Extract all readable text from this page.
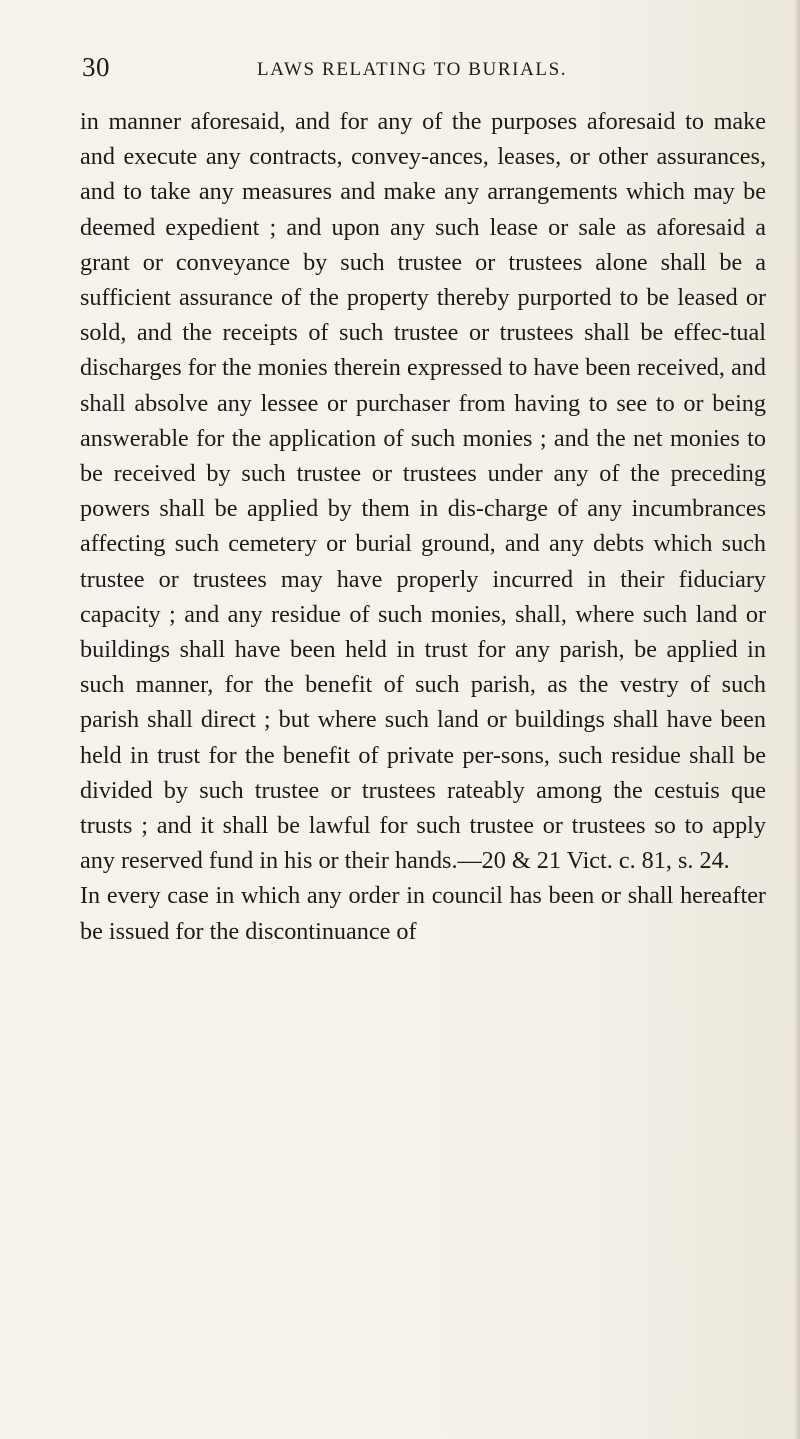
30	LAWS RELATING TO BURIALS.

in manner aforesaid, and for any of the purposes aforesaid to make and execute any contracts, convey-ances, leases, or other assurances, and to take any measures and make any arrangements which may be deemed expedient ; and upon any such lease or sale as aforesaid a grant or conveyance by such trustee or trustees alone shall be a sufficient assurance of the property thereby purported to be leased or sold, and the receipts of such trustee or trustees shall be effec-tual discharges for the monies therein expressed to have been received, and shall absolve any lessee or purchaser from having to see to or being answerable for the application of such monies ; and the net monies to be received by such trustee or trustees under any of the preceding powers shall be applied by them in dis-charge of any incumbrances affecting such cemetery or burial ground, and any debts which such trustee or trustees may have properly incurred in their fiduciary capacity ; and any residue of such monies, shall, where such land or buildings shall have been held in trust for any parish, be applied in such manner, for the benefit of such parish, as the vestry of such parish shall direct ; but where such land or buildings shall have been held in trust for the benefit of private per-sons, such residue shall be divided by such trustee or trustees rateably among the cestuis que trusts ; and it shall be lawful for such trustee or trustees so to apply any reserved fund in his or their hands.—20 & 21 Vict. c. 81, s. 24.

In every case in which any order in council has been or shall hereafter be issued for the discontinuance of
